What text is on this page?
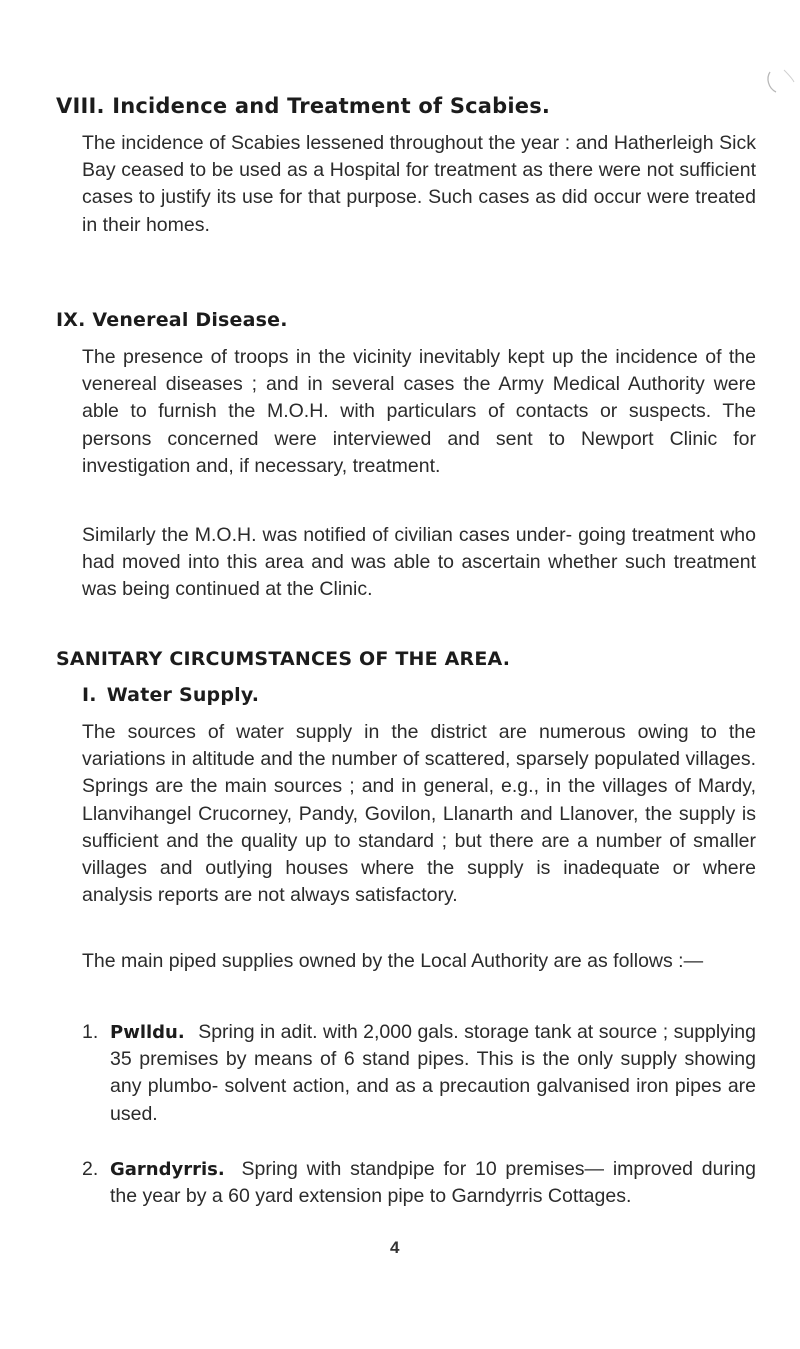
VIII. Incidence and Treatment of Scabies.

The incidence of Scabies lessened throughout the year : and Hatherleigh Sick Bay ceased to be used as a Hospital for treatment as there were not sufficient cases to justify its use for that purpose. Such cases as did occur were treated in their homes.

IX. Venereal Disease.

The presence of troops in the vicinity inevitably kept up the incidence of the venereal diseases ; and in several cases the Army Medical Authority were able to furnish the M.O.H. with particulars of contacts or suspects. The persons concerned were interviewed and sent to Newport Clinic for investigation and, if necessary, treatment.

Similarly the M.O.H. was notified of civilian cases under- going treatment who had moved into this area and was able to ascertain whether such treatment was being continued at the Clinic.

SANITARY CIRCUMSTANCES OF THE AREA.
I. Water Supply.

The sources of water supply in the district are numerous owing to the variations in altitude and the number of scattered, sparsely populated villages. Springs are the main sources ; and in general, e.g., in the villages of Mardy, Llanvihangel Crucorney, Pandy, Govilon, Llanarth and Llanover, the supply is sufficient and the quality up to standard ; but there are a number of smaller villages and outlying houses where the supply is inadequate or where analysis reports are not always satisfactory.

The main piped supplies owned by the Local Authority are as follows :—

1. Pwlldu. Spring in adit. with 2,000 gals. storage tank at source ; supplying 35 premises by means of 6 stand pipes. This is the only supply showing any plumbo- solvent action, and as a precaution galvanised iron pipes are used.

2. Garndyrris. Spring with standpipe for 10 premises— improved during the year by a 60 yard extension pipe to Garndyrris Cottages.

4
